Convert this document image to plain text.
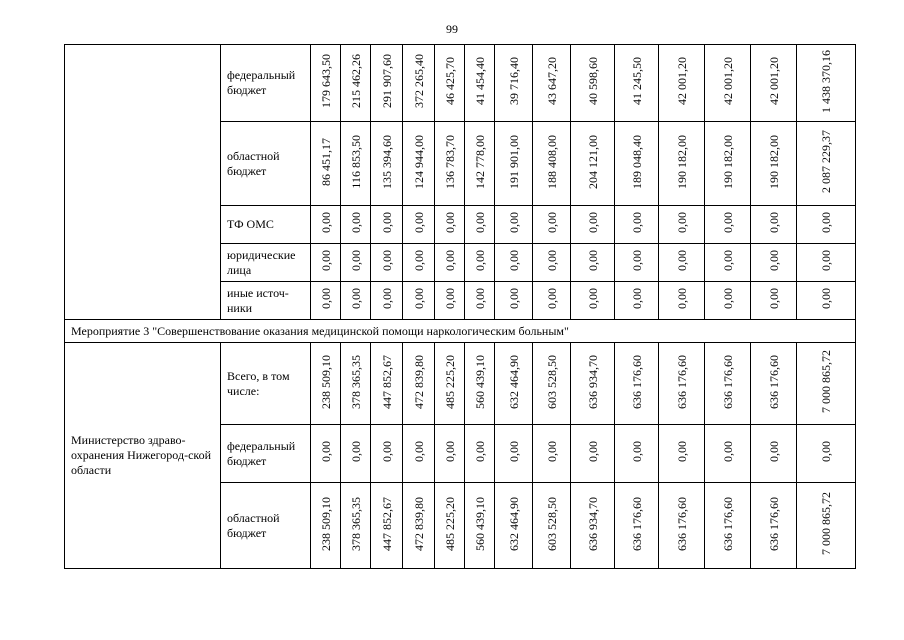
99

	федеральный бюджет	179 643,50	215 462,26	291 907,60	372 265,40	46 425,70	41 454,40	39 716,40	43 647,20	40 598,60	41 245,50	42 001,20	42 001,20	42 001,20	1 438 370,16

	областной бюджет	86 451,17	116 853,50	135 394,60	124 944,00	136 783,70	142 778,00	191 901,00	188 408,00	204 121,00	189 048,40	190 182,00	190 182,00	190 182,00	2 087 229,37

	ТФ ОМС	0,00	0,00	0,00	0,00	0,00	0,00	0,00	0,00	0,00	0,00	0,00	0,00	0,00	0,00

	юридические лица	0,00	0,00	0,00	0,00	0,00	0,00	0,00	0,00	0,00	0,00	0,00	0,00	0,00	0,00

	иные источ-ники	0,00	0,00	0,00	0,00	0,00	0,00	0,00	0,00	0,00	0,00	0,00	0,00	0,00	0,00
Мероприятие 3 "Совершенствование оказания медицинской помощи наркологическим больным"															
Министерство здраво-охранения Нижегород-ской области	Всего, в том числе:	238 509,10	378 365,35	447 852,67	472 839,80	485 225,20	560 439,10	632 464,90	603 528,50	636 934,70	636 176,60	636 176,60	636 176,60	636 176,60	7 000 865,72

	федеральный бюджет	0,00	0,00	0,00	0,00	0,00	0,00	0,00	0,00	0,00	0,00	0,00	0,00	0,00	0,00

	областной бюджет	238 509,10	378 365,35	447 852,67	472 839,80	485 225,20	560 439,10	632 464,90	603 528,50	636 934,70	636 176,60	636 176,60	636 176,60	636 176,60	7 000 865,72
